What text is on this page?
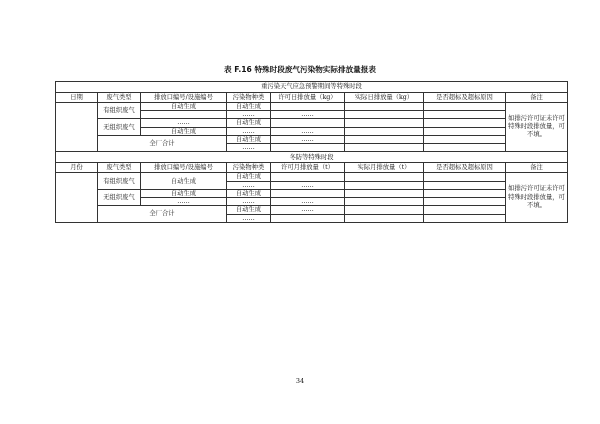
表 F.16 特殊时段废气污染物实际排放量报表
重污染天气应急预警期间等特殊时段							
日期	废气类型	排放口编号/设施编号	污染物种类	许可日排放量（kg）	实际日排放量（kg）	是否超标及超标原因	备注
	有组织废气	自动生成	自动生成				如排污许可证未许可特殊时段排放量，可不填。
			……	……			
	无组织废气	……	自动生成				
		自动生成	……	……			
	全厂合计		自动生成	……			
			……				
冬防等特殊时段							
月份	废气类型	排放口编号/设施编号	污染物种类	许可月排放量（t）	实际月排放量（t）	是否超标及超标原因	备注
	有组织废气	自动生成	自动生成				如排污许可证未许可特殊时段排放量，可不填。
			……	……			
	无组织废气	自动生成	自动生成				
		……	……	……			
	全厂合计		自动生成	……			
			……				
34
